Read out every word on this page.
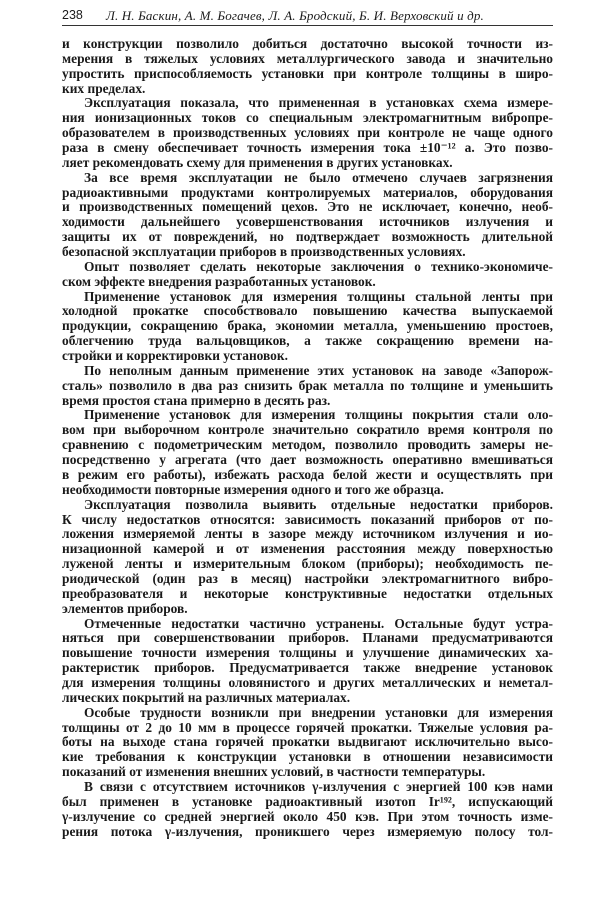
238 Л. Н. Баскин, А. М. Богачев, Л. А. Бродский, Б. И. Верховский и др.
и конструкции позволило добиться достаточно высокой точности из-
мерения в тяжелых условиях металлургического завода и значительно
упростить приспособляемость установки при контроле толщины в широ-
ких пределах.
Эксплуатация показала, что примененная в установках схема измере-
ния ионизационных токов со специальным электромагнитным вибропре-
образователем в производственных условиях при контроле не чаще одного
раза в смену обеспечивает точность измерения тока ±10⁻¹² а. Это позво-
ляет рекомендовать схему для применения в других установках.
За все время эксплуатации не было отмечено случаев загрязнения
радиоактивными продуктами контролируемых материалов, оборудования
и производственных помещений цехов. Это не исключает, конечно, необ-
ходимости дальнейшего усовершенствования источников излучения и
защиты их от повреждений, но подтверждает возможность длительной
безопасной эксплуатации приборов в производственных условиях.
Опыт позволяет сделать некоторые заключения о технико-экономиче-
ском эффекте внедрения разработанных установок.
Применение установок для измерения толщины стальной ленты при
холодной прокатке способствовало повышению качества выпускаемой
продукции, сокращению брака, экономии металла, уменьшению простоев,
облегчению труда вальцовщиков, а также сокращению времени на-
стройки и корректировки установок.
По неполным данным применение этих установок на заводе «Запорож-
сталь» позволило в два раз снизить брак металла по толщине и уменьшить
время простоя стана примерно в десять раз.
Применение установок для измерения толщины покрытия стали оло-
вом при выборочном контроле значительно сократило время контроля по
сравнению с подометрическим методом, позволило проводить замеры не-
посредственно у агрегата (что дает возможность оперативно вмешиваться
в режим его работы), избежать расхода белой жести и осуществлять при
необходимости повторные измерения одного и того же образца.
Эксплуатация позволила выявить отдельные недостатки приборов.
К числу недостатков относятся: зависимость показаний приборов от по-
ложения измеряемой ленты в зазоре между источником излучения и ио-
низационной камерой и от изменения расстояния между поверхностью
луженой ленты и измерительным блоком (приборы); необходимость пе-
риодической (один раз в месяц) настройки электромагнитного вибро-
преобразователя и некоторые конструктивные недостатки отдельных
элементов приборов.
Отмеченные недостатки частично устранены. Остальные будут устра-
няться при совершенствовании приборов. Планами предусматриваются
повышение точности измерения толщины и улучшение динамических ха-
рактеристик приборов. Предусматривается также внедрение установок
для измерения толщины оловянистого и других металлических и неметал-
лических покрытий на различных материалах.
Особые трудности возникли при внедрении установки для измерения
толщины от 2 до 10 мм в процессе горячей прокатки. Тяжелые условия ра-
боты на выходе стана горячей прокатки выдвигают исключительно высо-
кие требования к конструкции установки в отношении независимости
показаний от изменения внешних условий, в частности температуры.
В связи с отсутствием источников γ-излучения с энергией 100 кэв нами
был применен в установке радиоактивный изотоп Ir¹⁹², испускающий
γ-излучение со средней энергией около 450 кэв. При этом точность изме-
рения потока γ-излучения, проникшего через измеряемую полосу тол-
